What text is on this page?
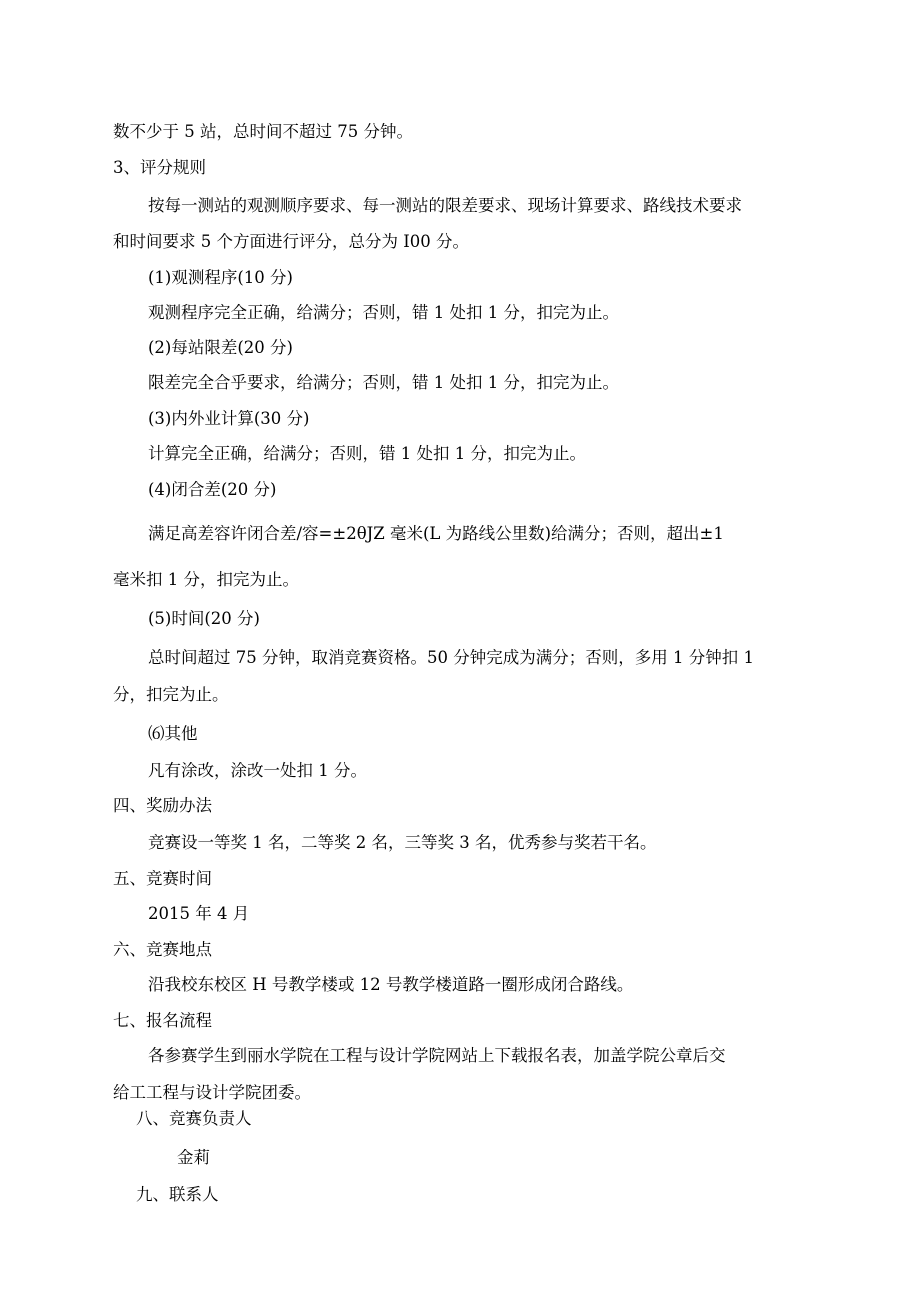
数不少于 5 站，总时间不超过 75 分钟。
3、评分规则
按每一测站的观测顺序要求、每一测站的限差要求、现场计算要求、路线技术要求
和时间要求 5 个方面进行评分，总分为 I00 分。
(1)观测程序(10 分)
观测程序完全正确，给满分；否则，错 1 处扣 1 分，扣完为止。
(2)每站限差(20 分)
限差完全合乎要求，给满分；否则，错 1 处扣 1 分，扣完为止。
(3)内外业计算(30 分)
计算完全正确，给满分；否则，错 1 处扣 1 分，扣完为止。
(4)闭合差(20 分)
满足高差容许闭合差/容=±2θJZ 毫米(L 为路线公里数)给满分；否则，超出±1
毫米扣 1 分，扣完为止。
(5)时间(20 分)
总时间超过 75 分钟，取消竞赛资格。50 分钟完成为满分；否则，多用 1 分钟扣 1
分，扣完为止。
⑹其他
凡有涂改，涂改一处扣 1 分。
四、奖励办法
竞赛设一等奖 1 名，二等奖 2 名，三等奖 3 名，优秀参与奖若干名。
五、竞赛时间
2015 年 4 月
六、竞赛地点
沿我校东校区 H 号教学楼或 12 号教学楼道路一圈形成闭合路线。
七、报名流程
各参赛学生到丽水学院在工程与设计学院网站上下载报名表，加盖学院公章后交
给工工程与设计学院团委。
八、竞赛负责人
金莉
九、联系人
